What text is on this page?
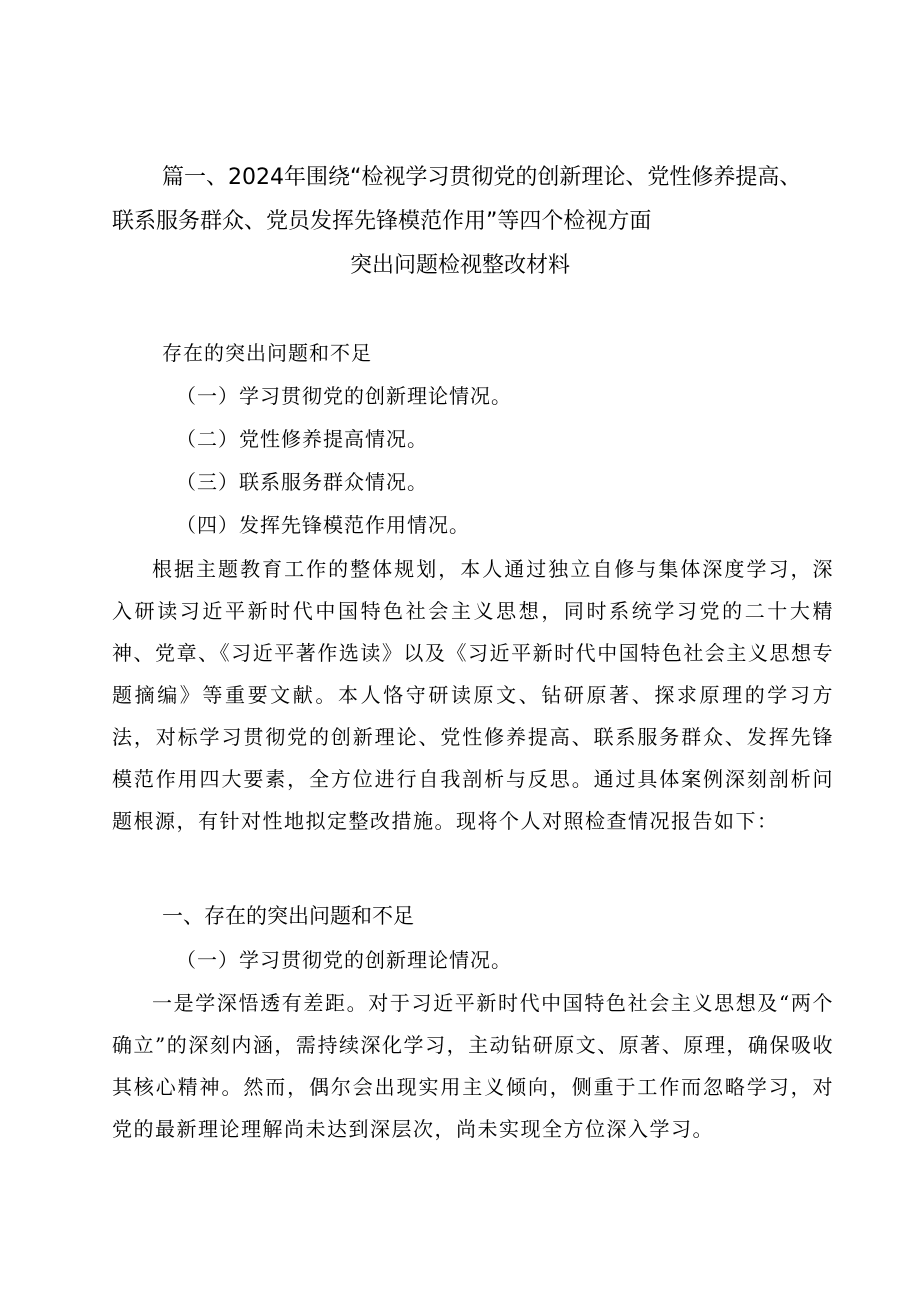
篇一、2024年围绕“检视学习贯彻党的创新理论、党性修养提高、
联系服务群众、党员发挥先锋模范作用”等四个检视方面
突出问题检视整改材料
存在的突出问题和不足
（一）学习贯彻党的创新理论情况。
（二）党性修养提高情况。
（三）联系服务群众情况。
（四）发挥先锋模范作用情况。
根据主题教育工作的整体规划，本人通过独立自修与集体深度学习，深入研读习近平新时代中国特色社会主义思想，同时系统学习党的二十大精神、党章、《习近平著作选读》以及《习近平新时代中国特色社会主义思想专题摘编》等重要文献。本人恪守研读原文、钻研原著、探求原理的学习方法，对标学习贯彻党的创新理论、党性修养提高、联系服务群众、发挥先锋模范作用四大要素，全方位进行自我剖析与反思。通过具体案例深刻剖析问题根源，有针对性地拟定整改措施。现将个人对照检查情况报告如下：
一、存在的突出问题和不足
（一）学习贯彻党的创新理论情况。
一是学深悟透有差距。对于习近平新时代中国特色社会主义思想及“两个确立”的深刻内涵，需持续深化学习，主动钻研原文、原著、原理，确保吸收其核心精神。然而，偶尔会出现实用主义倾向，侧重于工作而忽略学习，对党的最新理论理解尚未达到深层次，尚未实现全方位深入学习。
